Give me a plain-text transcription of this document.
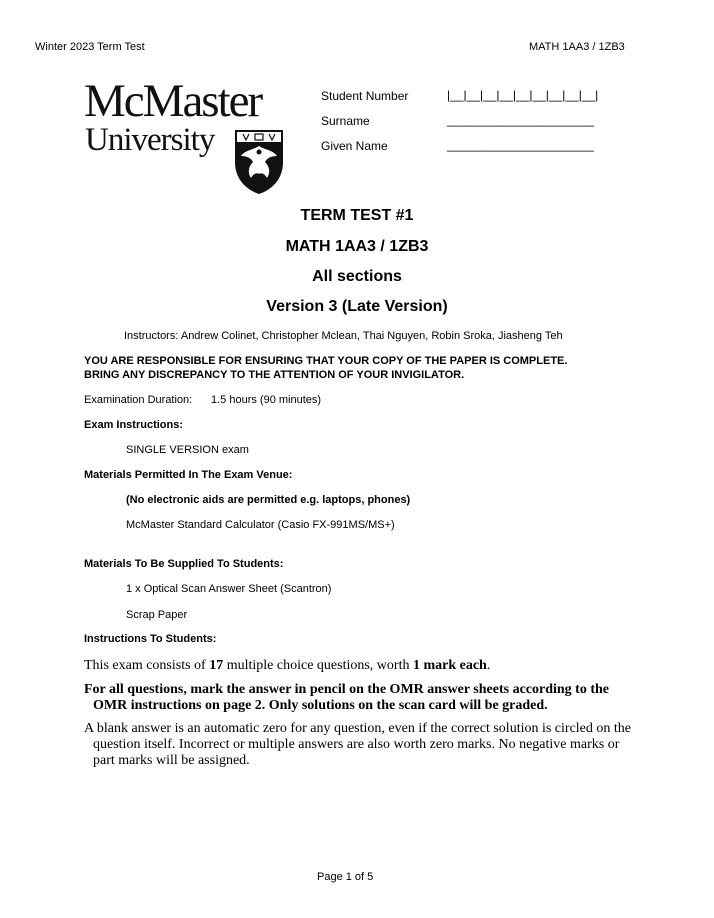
Winter 2023 Term Test	MATH 1AA3 / 1ZB3
McMaster
University
Student Number	|__|__|__|__|__|__|__|__|__|
Surname	______________________
Given Name	______________________
TERM TEST #1
MATH 1AA3 / 1ZB3
All sections
Version 3 (Late Version)
Instructors: Andrew Colinet, Christopher Mclean, Thai Nguyen, Robin Sroka, Jiasheng Teh
YOU ARE RESPONSIBLE FOR ENSURING THAT YOUR COPY OF THE PAPER IS COMPLETE.
BRING ANY DISCREPANCY TO THE ATTENTION OF YOUR INVIGILATOR.
Examination Duration: 1.5 hours (90 minutes)
Exam Instructions:
SINGLE VERSION exam
Materials Permitted In The Exam Venue:
(No electronic aids are permitted e.g. laptops, phones)
McMaster Standard Calculator (Casio FX-991MS/MS+)
Materials To Be Supplied To Students:
1 x Optical Scan Answer Sheet (Scantron)
Scrap Paper
Instructions To Students:
This exam consists of 17 multiple choice questions, worth 1 mark each.
For all questions, mark the answer in pencil on the OMR answer sheets according to the OMR instructions on page 2. Only solutions on the scan card will be graded.
A blank answer is an automatic zero for any question, even if the correct solution is circled on the question itself. Incorrect or multiple answers are also worth zero marks. No negative marks or part marks will be assigned.
Page 1 of 5
